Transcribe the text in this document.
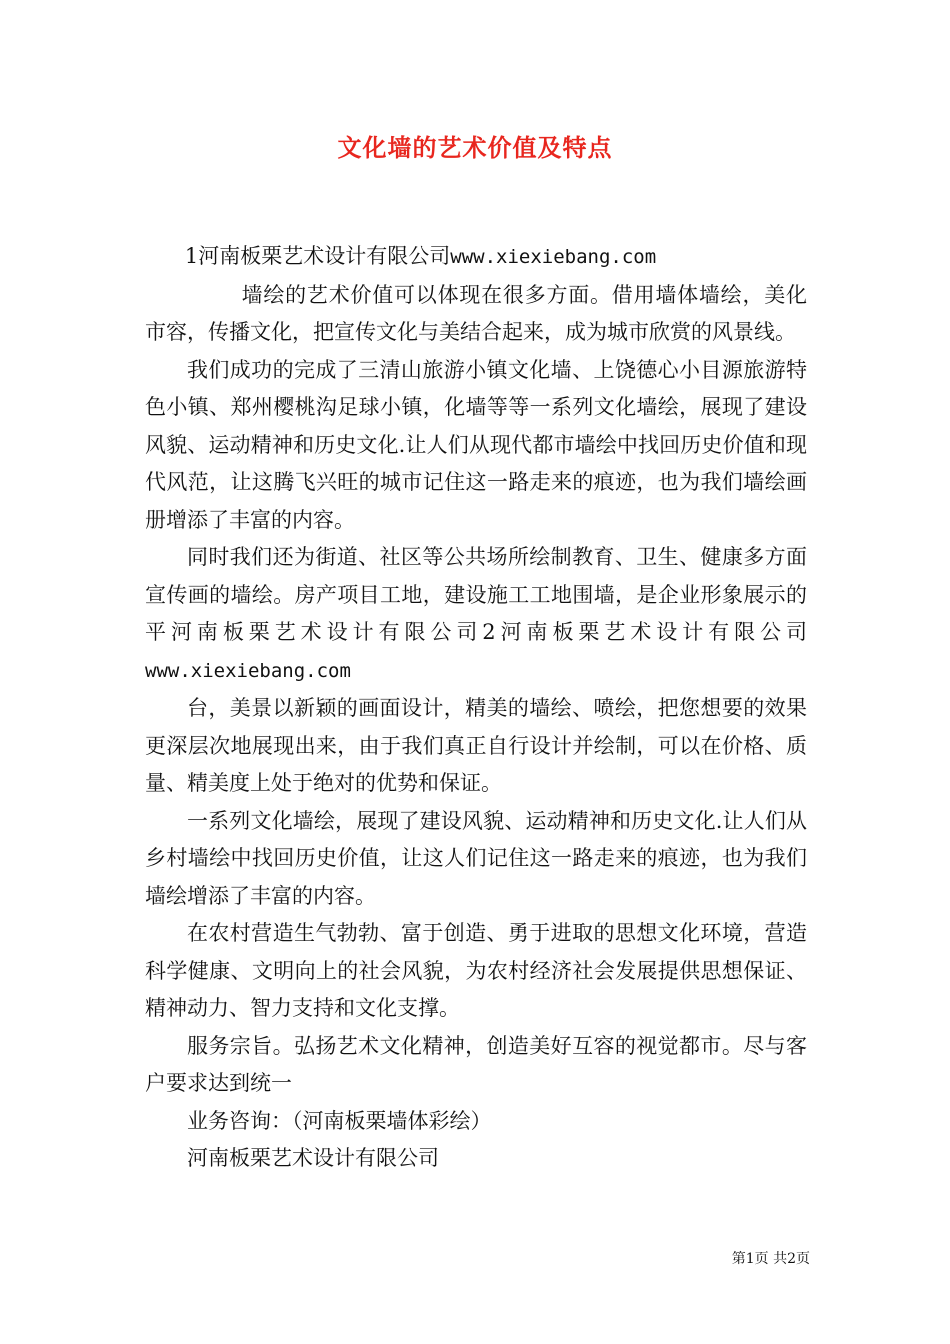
文化墙的艺术价值及特点

1河南板栗艺术设计有限公司www.xiexiebang.com

墙绘的艺术价值可以体现在很多方面。借用墙体墙绘，美化市容，传播文化，把宣传文化与美结合起来，成为城市欣赏的风景线。

我们成功的完成了三清山旅游小镇文化墙、上饶德心小目源旅游特色小镇、郑州樱桃沟足球小镇，化墙等等一系列文化墙绘，展现了建设风貌、运动精神和历史文化.让人们从现代都市墙绘中找回历史价值和现代风范，让这腾飞兴旺的城市记住这一路走来的痕迹，也为我们墙绘画册增添了丰富的内容。

同时我们还为街道、社区等公共场所绘制教育、卫生、健康多方面宣传画的墙绘。房产项目工地，建设施工工地围墙，是企业形象展示的平河南板栗艺术设计有限公司2河南板栗艺术设计有限公司www.xiexiebang.com

台，美景以新颖的画面设计，精美的墙绘、喷绘，把您想要的效果更深层次地展现出来，由于我们真正自行设计并绘制，可以在价格、质量、精美度上处于绝对的优势和保证。

一系列文化墙绘，展现了建设风貌、运动精神和历史文化.让人们从乡村墙绘中找回历史价值，让这人们记住这一路走来的痕迹，也为我们墙绘增添了丰富的内容。

在农村营造生气勃勃、富于创造、勇于进取的思想文化环境，营造科学健康、文明向上的社会风貌，为农村经济社会发展提供思想保证、精神动力、智力支持和文化支撑。

服务宗旨。弘扬艺术文化精神，创造美好互容的视觉都市。尽与客户要求达到统一

业务咨询：（河南板栗墙体彩绘）

河南板栗艺术设计有限公司

第1页 共2页
